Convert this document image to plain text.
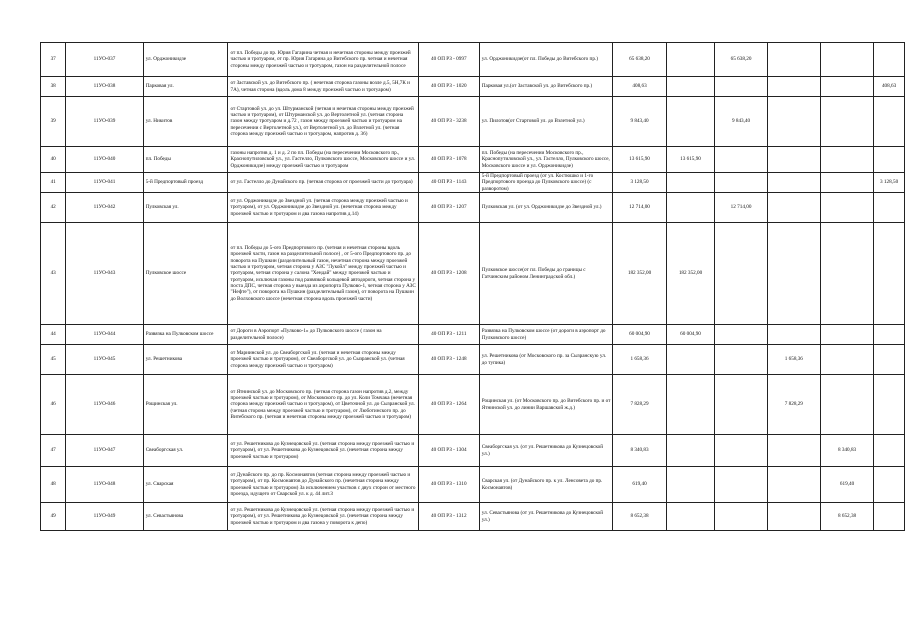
37	11УО-037	ул. Орджоникидзе	от пл. Победы до пр. Юрия Гагарина четная и нечетная стороны между проезжей частью и тротуаром, от пр. Юрия Гагарина до Витебского пр. четная и нечетная стороны между проезжей частью и тротуаром, газон на разделительной полосе	40 ОП РЗ - 0997	ул. Орджоникидзе(от пл. Победы до Витебского пр.)	65 638,20		65 638,20			
38	11УО-038	Парковая ул.	от Заставской ул. до Витебского пр. ( нечетная сторона газоны возле д.5, 5Н,7К и 7А), четная сторона (вдоль дома 8 между проезжей частью и тротуаром)	40 ОП РЗ - 1020	Парковая ул.(от Заставской ул. до Витебского пр.)	408,63					408,63
39	11УО-039	ул. Никитов	от Стартовой ул. до ул. Штурманской (четная и нечетная стороны между проезжей частью и тротуаром), от Штурманской ул. до Вертолетной ул. (четная сторона газон между тротуаром и д.72 , газон между проезжей частью и тротуаром на пересечении с Вертолетной ул.), от Вертолетной ул. до Взлетной ул. (четная сторона между проезжей частью и тротуаром, напротив д. 36)	40 ОП РЗ - 3238	ул. Пилотов(от Стартовой ул. до Взлетной ул.)	9 843,40		9 843,40			
40	11УО-040	пл. Победы	газоны напротив д. 1 и д. 2 по пл. Победы (на пересечении Московского пр., Краснопутиловской ул., ул. Гастелло, Пулковского шоссе, Московского шоссе и ул. Орджоникидзе) между проезжей частью и тротуаром	40 ОП РЗ - 1078	пл. Победы (на пересечении Московского пр., Краснопутиловской ул., ул. Гастелло, Пулковского шоссе, Московского шоссе и ул. Орджоникидзе)	13 615,90	13 615,90				
41	11УО-041	5-й Предпортовый проезд	от ул. Гастелло до Дунайского пр. (четная сторона от проезжей части до тротуара)	40 ОП РЗ - 1143	5-й Предпортовый проезд (от ул. Костюшко и 1-го Предпортового проезда до Пулковского шоссе) (с разворотом)	3 128,50					3 128,50
42	11УО-042	Пулковская ул.	от ул. Орджоникидзе до Звездной ул. (четная сторона между проезжей частью и тротуаром), от ул. Орджоникидзе до Звездной ул. (нечетная сторона между проезжей частью и тротуаром и два газона напротив д.14)	40 ОП РЗ - 1207	Пулковская ул. (от ул. Орджоникидзе до Звездной ул.)	12 714,00		12 714,00			
43	11УО-043	Пулковское шоссе	от пл. Победы до 5-ого Предпортового пр. (четная и нечетная стороны вдоль проезжей части, газон на разделительной полосе) , от 5-ого Предпортового пр. до поворота на Пушкин (разделительный газон, нечетная сторона между проезжей частью и тротуаром, четная сторона у АЗС "Лукойл" между проезжей частью и тротуаром, четная сторона у салона "Хендай" между проезжей частью и тротуаром, исключая газоны под развязкой кольцевой автодороги, четная сторона у поста ДПС, четная сторона у выезда из аэропорта Пулково-1, четная сторона у АЗС "Нефте"), от поворота на Пушкин (разделительный газон), от поворота на Пушкин до Волховского шоссе (нечетная сторона вдоль проезжей части)	40 ОП РЗ - 1208	Пулковское шоссе(от пл. Победы до границы с Гатчинским районом Ленинградской обл.)	182 352,00	182 352,00				
44	11УО-044	Развязка на Пулковском шоссе	от Дороги в Аэропорт «Пулково-1» до Пулковского шоссе ( газон на разделительной полосе)	40 ОП РЗ - 1211	Развязка на Пулковском шоссе (от дороги в аэропорт до Пулковского шоссе)	60 004,90	60 004,90				
45	11УО-045	ул. Решетникова	от Мариинской ул. до Свеаборгской ул. (четная и нечетная стороны между проезжей частью и тротуаром), от Свеаборгской ул. до Сызранской ул. (четная сторона между проезжей частью и тротуаром)	40 ОП РЗ - 1248	ул. Решетникова (от Московского пр. за Сызранскую ул. до тупика)	1 658,36			1 658,36		
46	11УО-046	Рощинская ул.	от Ятнинской ул. до Московского пр. (четная сторона газон напротив д.2, между проезжей частью и тротуаром), от Московского пр. до ул. Коли Томчака (нечетная сторона между проезжей частью и тротуаром), от Цветочной ул. до Сызранской ул. (четная сторона между проезжей частью и тротуаром), от Люботинского пр. до Витебского пр. (четная и нечетная стороны между проезжей частью и тротуаром)	40 ОП РЗ - 1264	Рощинская ул. (от Московского пр. до Витебского пр. и от Ятнинской ул. до линии Варшавской ж.д.)	7 828,29			7 828,29		
47	11УО-047	Свеаборгская ул.	от ул. Решетникова до Кузнецовской ул. (четная сторона между проезжей частью и тротуаром), от ул. Решетникова до Кузнецовской ул. (нечетная сторона между проезжей частью и тротуаром)	40 ОП РЗ - 1304	Свеаборгская ул. (от ул. Решетникова до Кузнецовской ул.)	8 340,83				8 340,83	
48	11УО-048	ул. Сварская	от Дунайского пр. до пр. Космонавтов (четная сторона между проезжей частью и тротуаром), от пр. Космонавтов до Дунайского пр. (нечетная сторона между проезжей частью и тротуаром) За исключением участков с двух сторон от местного проезда, идущего от Сварской ул. к д. 44 лит.З	40 ОП РЗ - 1310	Сварская ул. (от Дунайского пр. к ул. Ленсовета до пр. Космонавтов)	619,40				619,40	
49	11УО-049	ул. Севастьянова	от ул. Решетникова до Кузнецовской ул. (четная сторона между проезжей частью и тротуаром), от ул. Решетникова до Кузнецовской ул. (нечетная сторона между проезжей частью и тротуаром и два газона у поворота к депо)	40 ОП РЗ - 1312	ул. Севастьянова (от ул. Решетникова до Кузнецовской ул.)	8 652,38				8 652,38	
